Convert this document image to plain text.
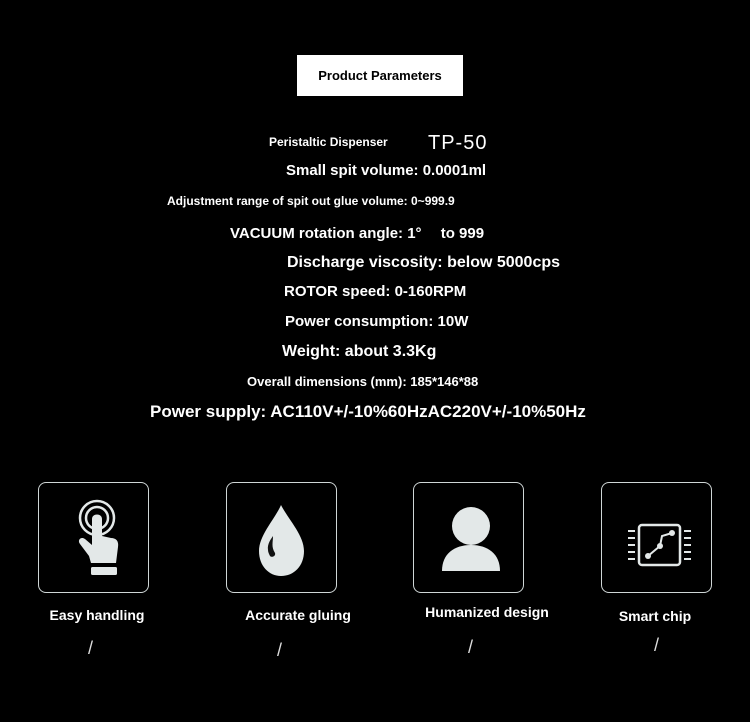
Product Parameters
Peristaltic Dispenser TP-50
Small spit volume: 0.0001ml
Adjustment range of spit out glue volume: 0~999.9
VACUUM rotation angle: 1°　 to 999
Discharge viscosity: below 5000cps
ROTOR speed: 0-160RPM
Power consumption: 10W
Weight: about 3.3Kg
Overall dimensions (mm): 185*146*88
Power supply: AC110V+/-10%60HzAC220V+/-10%50Hz
Easy handling
/
Accurate gluing
/
Humanized design
/
Smart chip
/
